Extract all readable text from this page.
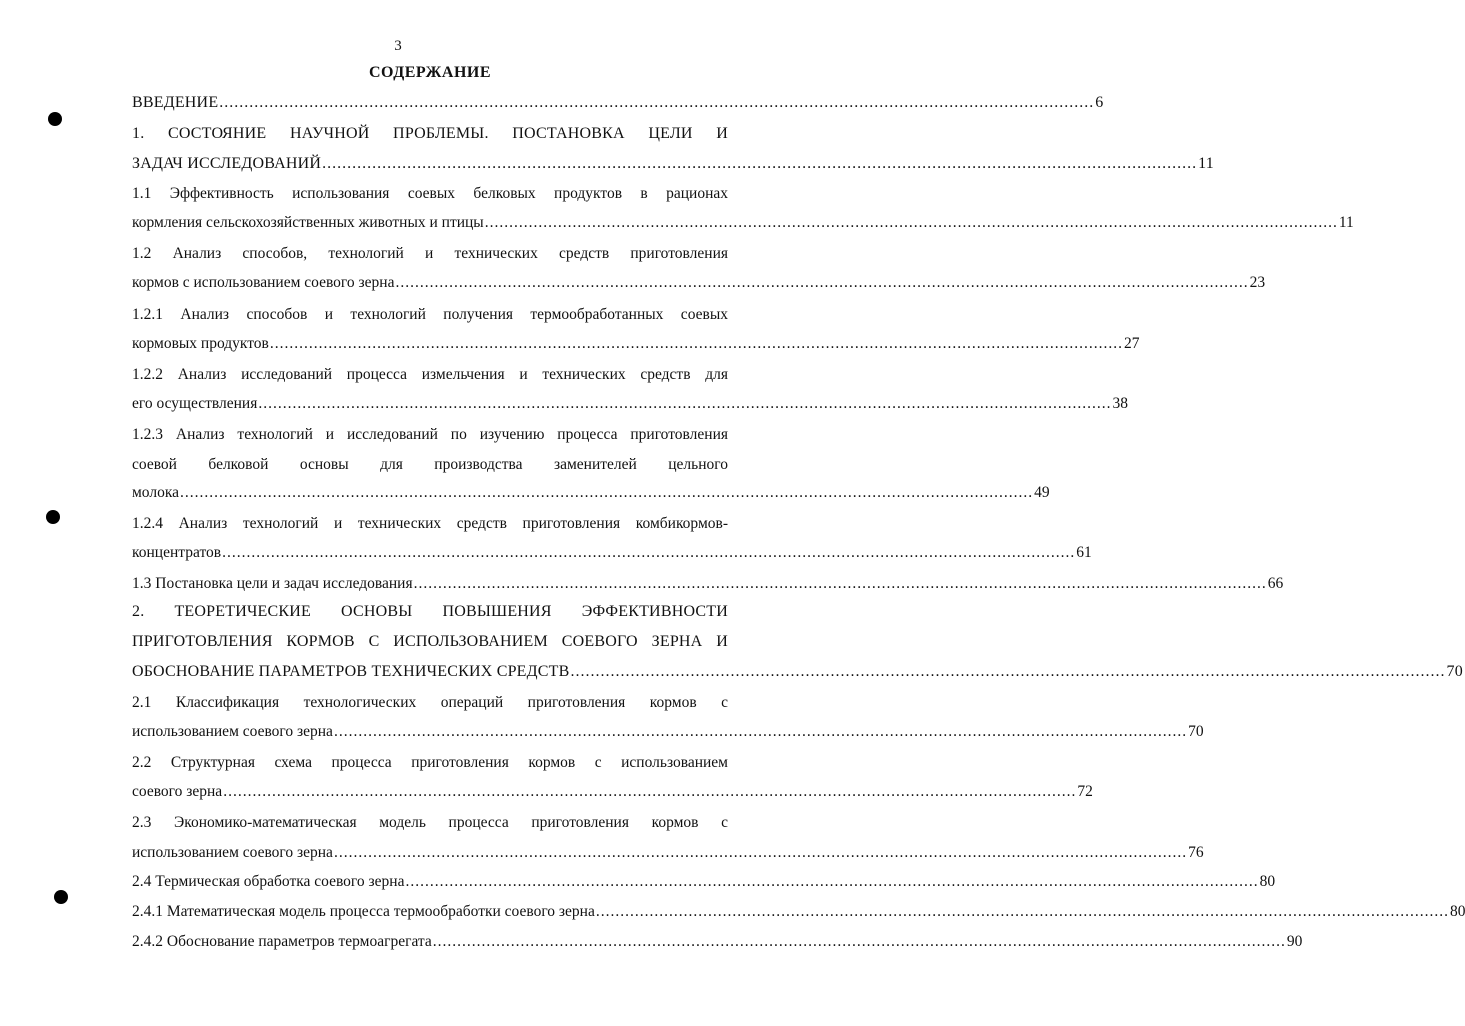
3
СОДЕРЖАНИЕ
ВВЕДЕНИЕ ............................................................................................................................................................................... 6
1. СОСТОЯНИЕ НАУЧНОЙ ПРОБЛЕМЫ. ПОСТАНОВКА ЦЕЛИ И
ЗАДАЧ ИССЛЕДОВАНИЙ ............................................................................................................................................................................... 11
1.1 Эффективность использования соевых белковых продуктов в рационах
кормления сельскохозяйственных животных и птицы ............................................................................................................................................................................... 11
1.2 Анализ способов, технологий и технических средств приготовления
кормов с использованием соевого зерна ............................................................................................................................................................................... 23
1.2.1 Анализ способов и технологий получения термообработанных соевых
кормовых продуктов ............................................................................................................................................................................... 27
1.2.2 Анализ исследований процесса измельчения и технических средств для
его осуществления ............................................................................................................................................................................... 38
1.2.3 Анализ технологий и исследований по изучению процесса приготовления
соевой белковой основы для производства заменителей цельного
молока ............................................................................................................................................................................... 49
1.2.4 Анализ технологий и технических средств приготовления комбикормов-
концентратов ............................................................................................................................................................................... 61
1.3 Постановка цели и задач исследования ............................................................................................................................................................................... 66
2. ТЕОРЕТИЧЕСКИЕ ОСНОВЫ ПОВЫШЕНИЯ ЭФФЕКТИВНОСТИ
ПРИГОТОВЛЕНИЯ КОРМОВ С ИСПОЛЬЗОВАНИЕМ СОЕВОГО ЗЕРНА И
ОБОСНОВАНИЕ ПАРАМЕТРОВ ТЕХНИЧЕСКИХ СРЕДСТВ ............................................................................................................................................................................... 70
2.1 Классификация технологических операций приготовления кормов с
использованием соевого зерна ............................................................................................................................................................................... 70
2.2 Структурная схема процесса приготовления кормов с использованием
соевого зерна ............................................................................................................................................................................... 72
2.3 Экономико-математическая модель процесса приготовления кормов с
использованием соевого зерна ............................................................................................................................................................................... 76
2.4 Термическая обработка соевого зерна ............................................................................................................................................................................... 80
2.4.1 Математическая модель процесса термообработки соевого зерна ............................................................................................................................................................................... 80
2.4.2 Обоснование параметров термоагрегата ............................................................................................................................................................................... 90
